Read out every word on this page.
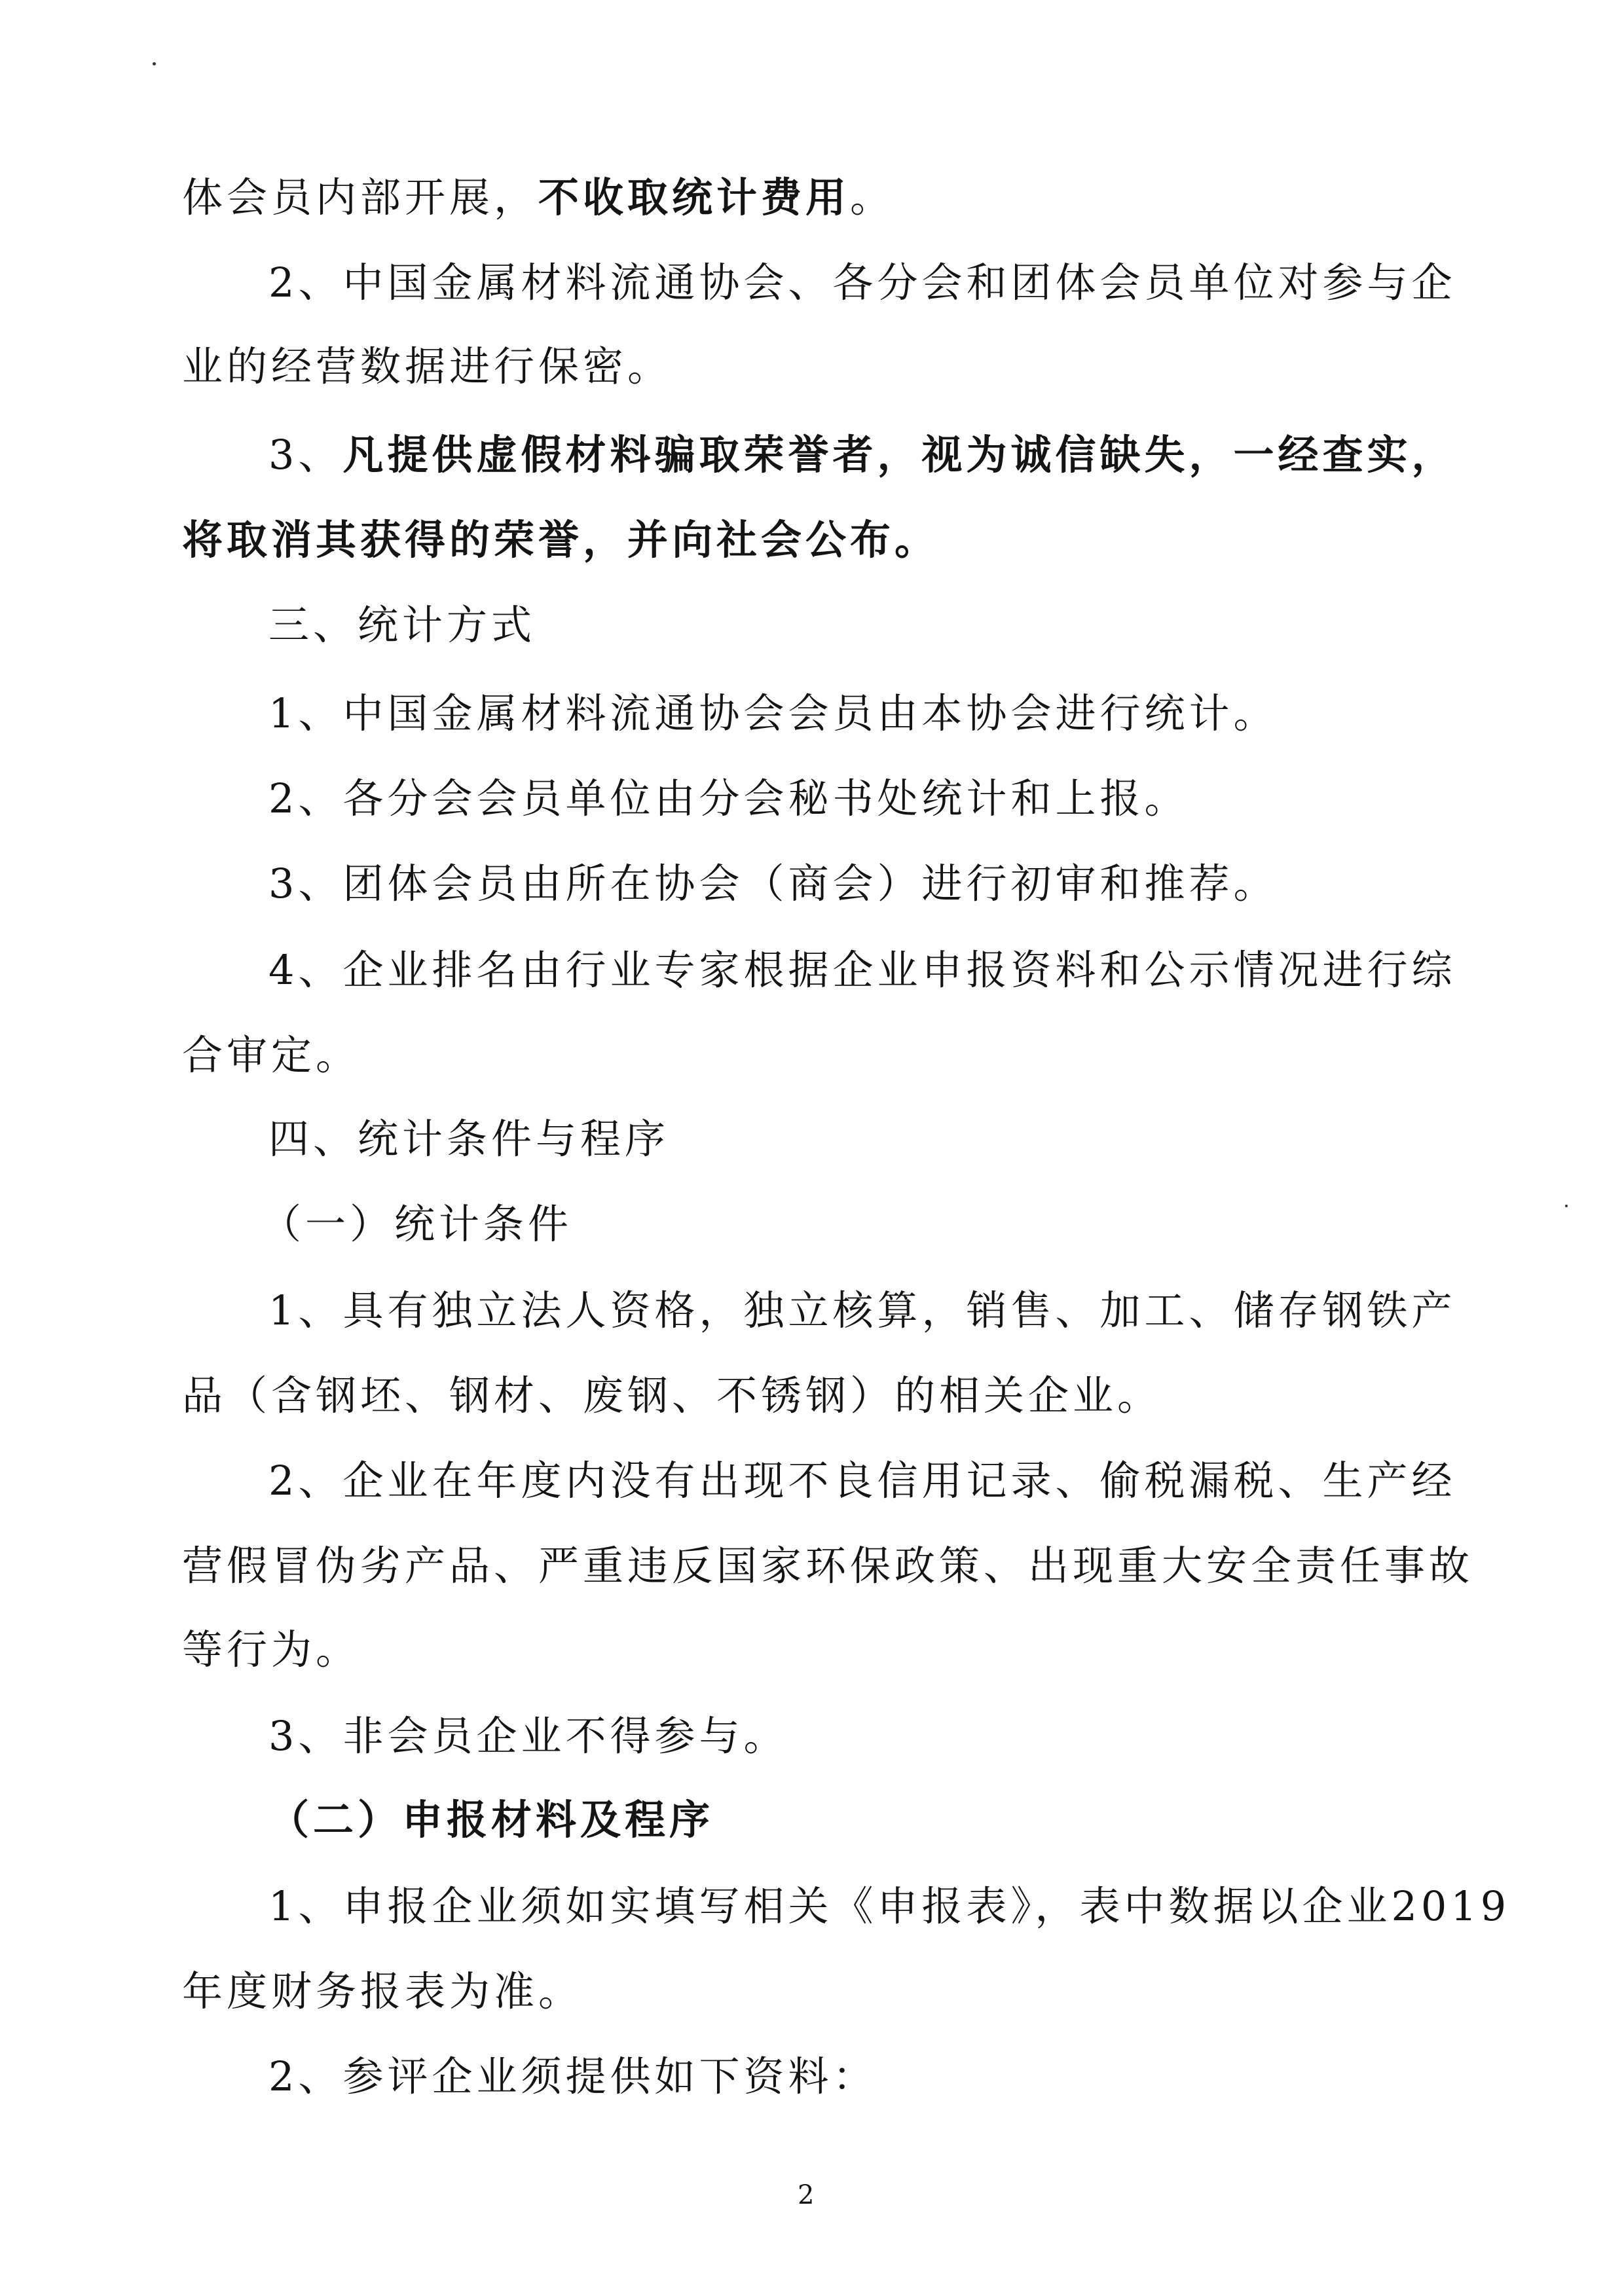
体会员内部开展，不收取统计费用。
2、中国金属材料流通协会、各分会和团体会员单位对参与企
业的经营数据进行保密。
3、凡提供虚假材料骗取荣誉者，视为诚信缺失，一经查实，
将取消其获得的荣誉，并向社会公布。
三、统计方式
1、中国金属材料流通协会会员由本协会进行统计。
2、各分会会员单位由分会秘书处统计和上报。
3、团体会员由所在协会（商会）进行初审和推荐。
4、企业排名由行业专家根据企业申报资料和公示情况进行综
合审定。
四、统计条件与程序
（一）统计条件
1、具有独立法人资格，独立核算，销售、加工、储存钢铁产
品（含钢坯、钢材、废钢、不锈钢）的相关企业。
2、企业在年度内没有出现不良信用记录、偷税漏税、生产经
营假冒伪劣产品、严重违反国家环保政策、出现重大安全责任事故
等行为。
3、非会员企业不得参与。
（二）申报材料及程序
1、申报企业须如实填写相关《申报表》，表中数据以企业2019
年度财务报表为准。
2、参评企业须提供如下资料：
2
